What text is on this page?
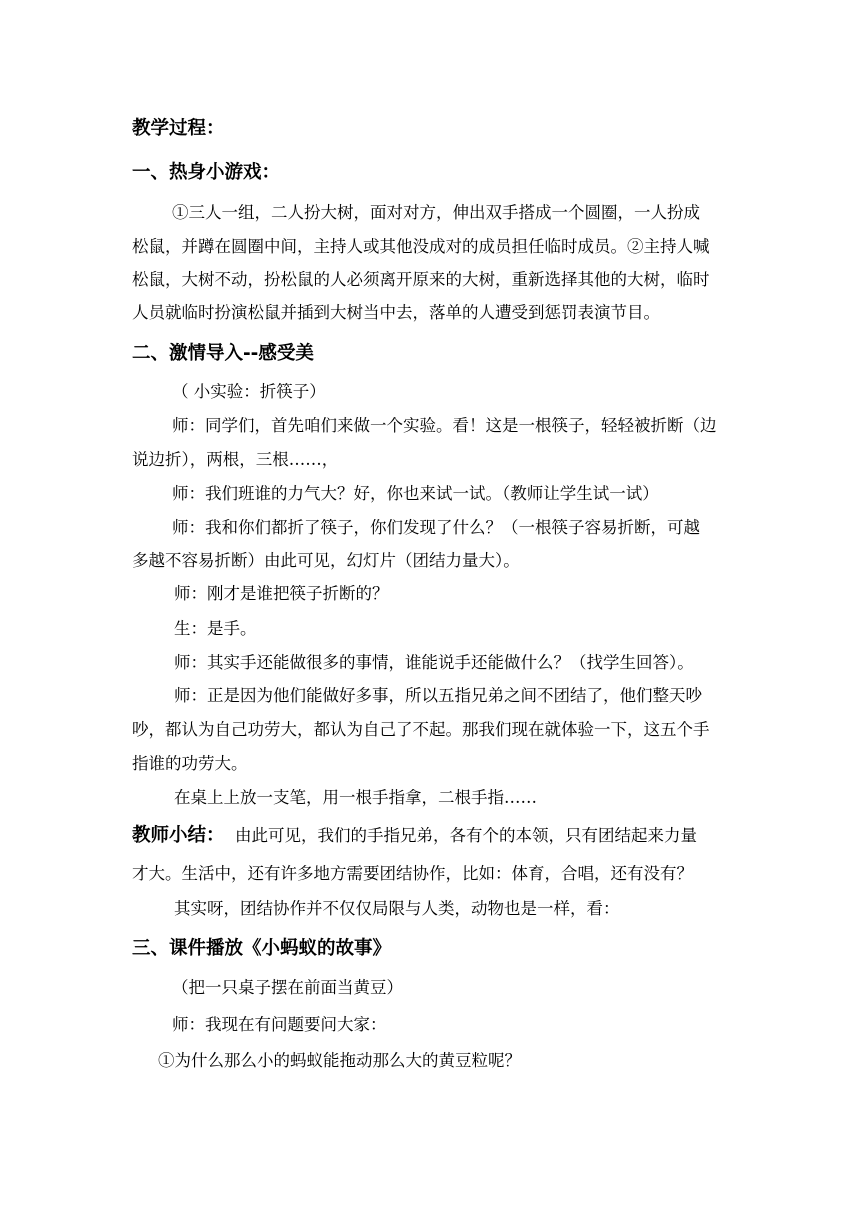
教学过程：
一、热身小游戏：
①三人一组，二人扮大树，面对对方，伸出双手搭成一个圆圈，一人扮成
松鼠，并蹲在圆圈中间，主持人或其他没成对的成员担任临时成员。②主持人喊
松鼠，大树不动，扮松鼠的人必须离开原来的大树，重新选择其他的大树，临时
人员就临时扮演松鼠并插到大树当中去，落单的人遭受到惩罚表演节目。
二、激情导入--感受美
（ 小实验：折筷子）
师：同学们，首先咱们来做一个实验。看！这是一根筷子，轻轻被折断（边
说边折），两根，三根……，
师：我们班谁的力气大？好，你也来试一试。（教师让学生试一试）
师：我和你们都折了筷子，你们发现了什么？（一根筷子容易折断，可越
多越不容易折断）由此可见，幻灯片（团结力量大）。
师：刚才是谁把筷子折断的？
生：是手。
师：其实手还能做很多的事情，谁能说手还能做什么？（找学生回答）。
师：正是因为他们能做好多事，所以五指兄弟之间不团结了，他们整天吵
吵，都认为自己功劳大，都认为自己了不起。那我们现在就体验一下，这五个手
指谁的功劳大。
在桌上上放一支笔，用一根手指拿，二根手指……
教师小结： 由此可见，我们的手指兄弟，各有个的本领，只有团结起来力量
才大。生活中，还有许多地方需要团结协作，比如：体育，合唱，还有没有？
其实呀，团结协作并不仅仅局限与人类，动物也是一样，看：
三、课件播放《小蚂蚁的故事》
（把一只桌子摆在前面当黄豆）
师：我现在有问题要问大家：
①为什么那么小的蚂蚁能拖动那么大的黄豆粒呢？
